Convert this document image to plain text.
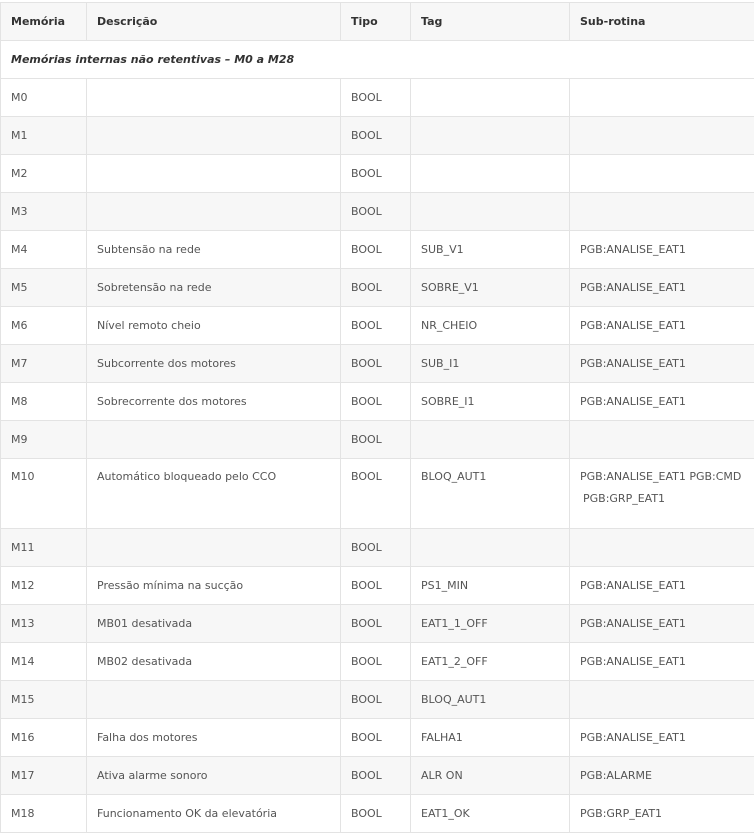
Memória	Descrição	Tipo	Tag	Sub-rotina
Memórias internas não retentivas – M0 a M28				
M0		BOOL		
M1		BOOL		
M2		BOOL		
M3		BOOL		
M4	Subtensão na rede	BOOL	SUB_V1	PGB:ANALISE_EAT1
M5	Sobretensão na rede	BOOL	SOBRE_V1	PGB:ANALISE_EAT1
M6	Nível remoto cheio	BOOL	NR_CHEIO	PGB:ANALISE_EAT1
M7	Subcorrente dos motores	BOOL	SUB_I1	PGB:ANALISE_EAT1
M8	Sobrecorrente dos motores	BOOL	SOBRE_I1	PGB:ANALISE_EAT1
M9		BOOL		
M10	Automático bloqueado pelo CCO	BOOL	BLOQ_AUT1	PGB:ANALISE_EAT1 PGB:CMD
PGB:GRP_EAT1

M11		BOOL		
M12	Pressão mínima na sucção	BOOL	PS1_MIN	PGB:ANALISE_EAT1
M13	MB01 desativada	BOOL	EAT1_1_OFF	PGB:ANALISE_EAT1
M14	MB02 desativada	BOOL	EAT1_2_OFF	PGB:ANALISE_EAT1
M15		BOOL	BLOQ_AUT1	
M16	Falha dos motores	BOOL	FALHA1	PGB:ANALISE_EAT1
M17	Ativa alarme sonoro	BOOL	ALR ON	PGB:ALARME
M18	Funcionamento OK da elevatória	BOOL	EAT1_OK	PGB:GRP_EAT1
